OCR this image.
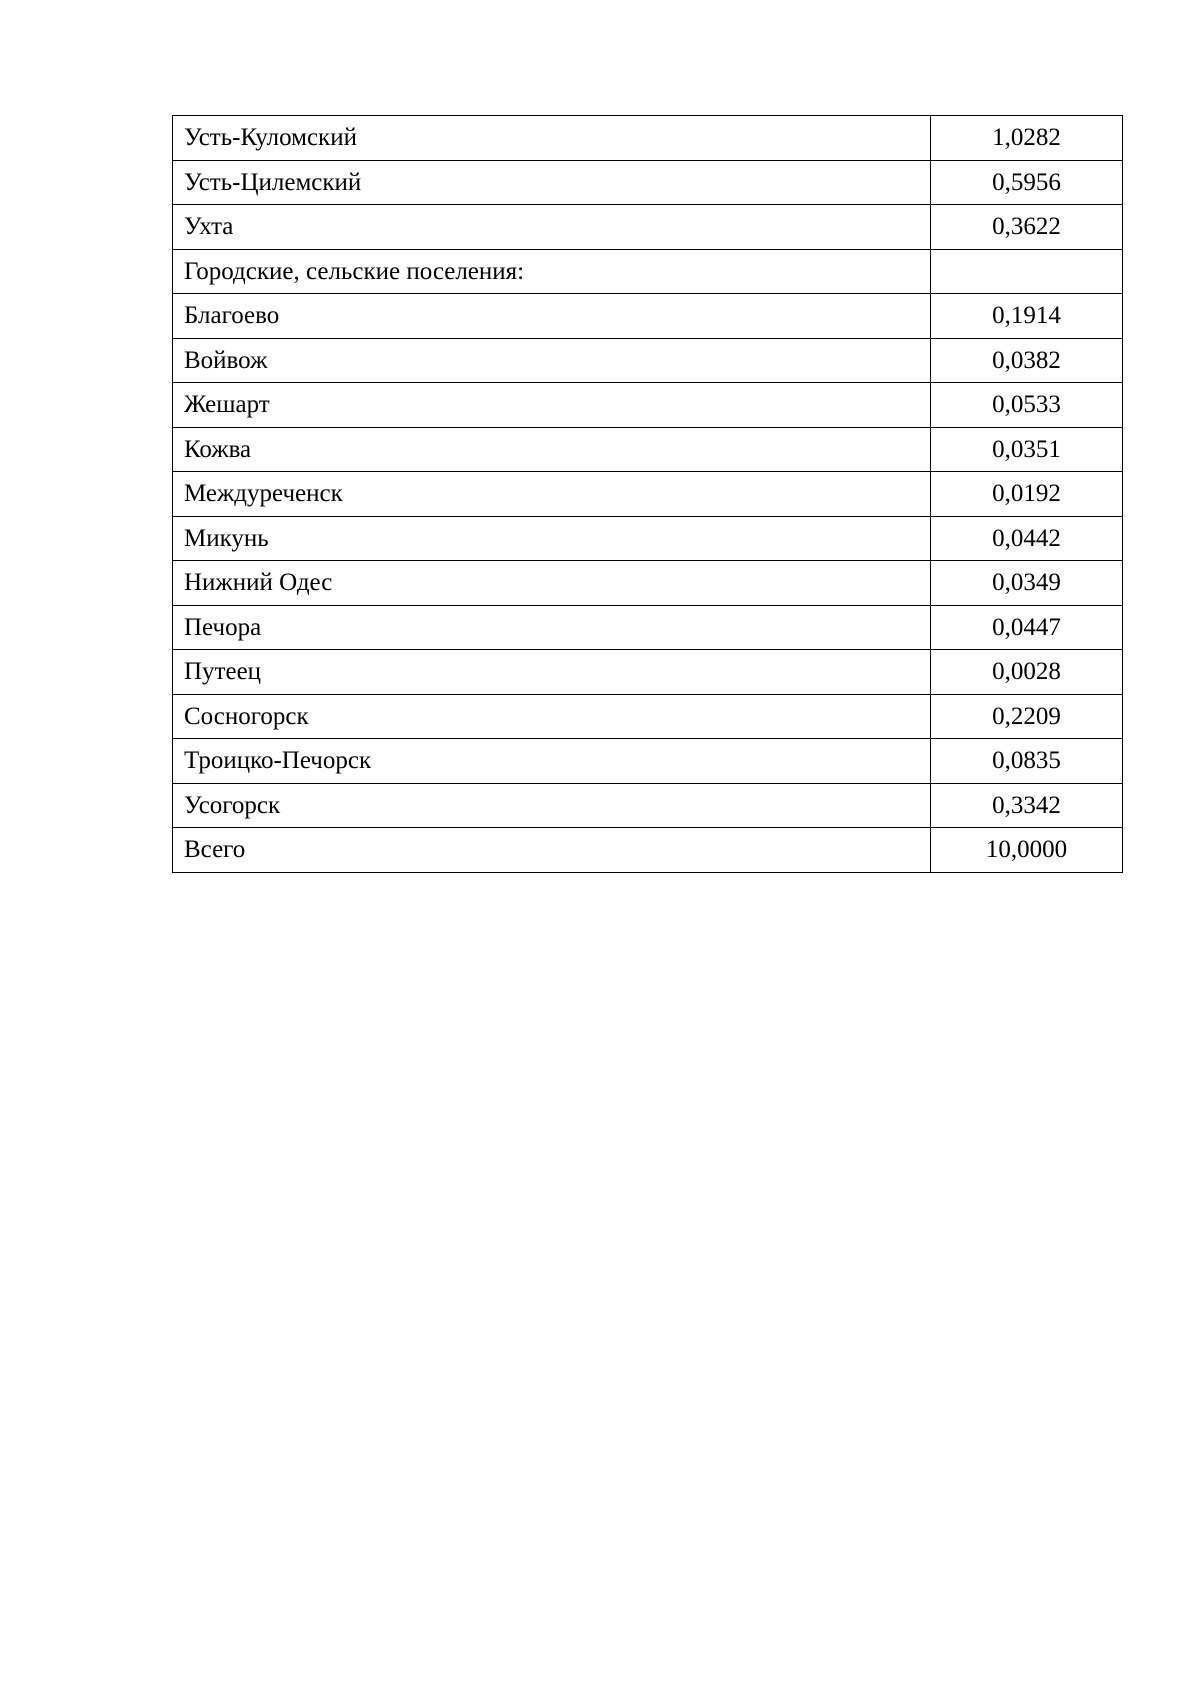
Усть-Куломский	1,0282
Усть-Цилемский	0,5956
Ухта	0,3622
Городские, сельские поселения:	
Благоево	0,1914
Войвож	0,0382
Жешарт	0,0533
Кожва	0,0351
Междуреченск	0,0192
Микунь	0,0442
Нижний Одес	0,0349
Печора	0,0447
Путеец	0,0028
Сосногорск	0,2209
Троицко-Печорск	0,0835
Усогорск	0,3342
Всего	10,0000
